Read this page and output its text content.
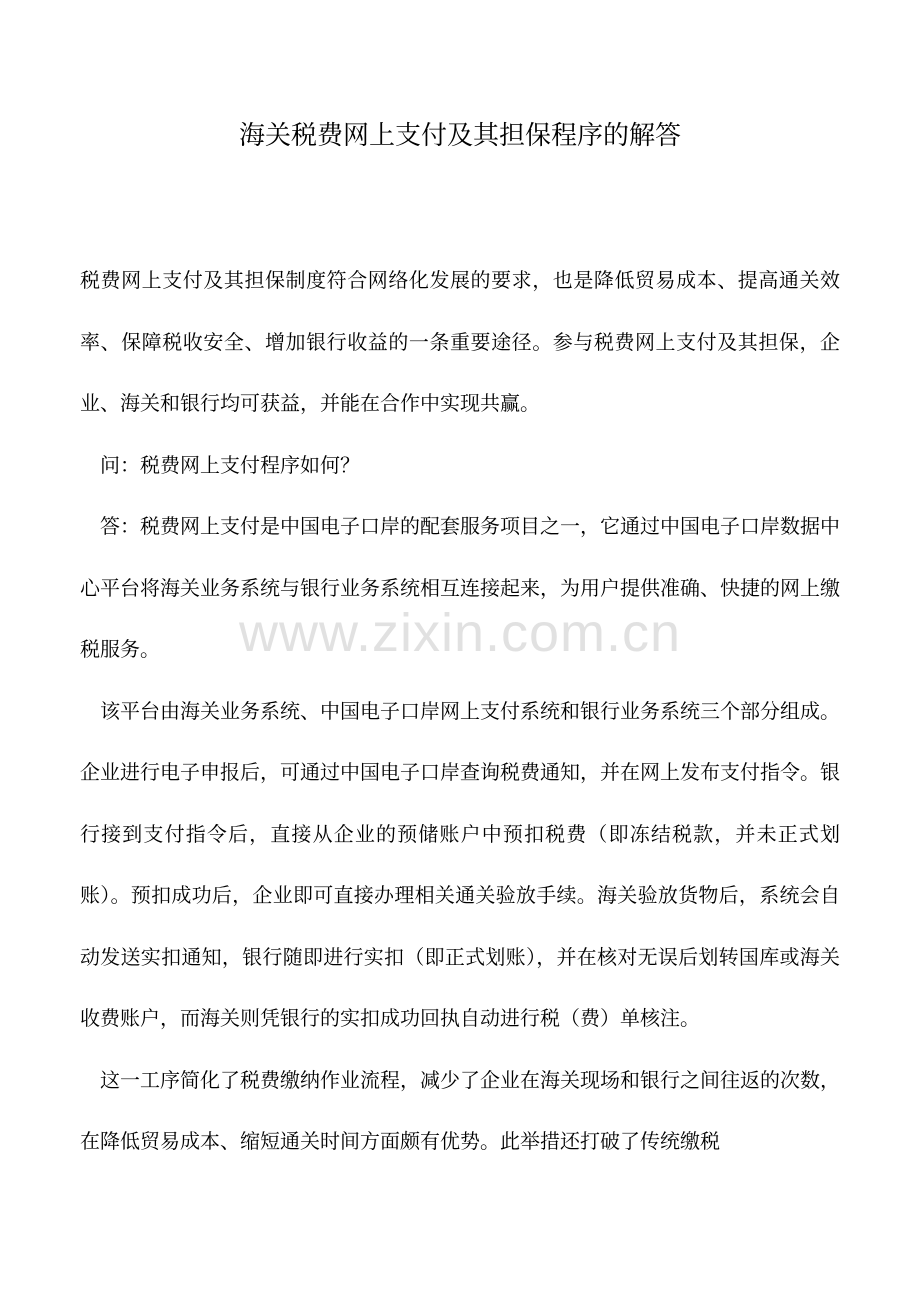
海关税费网上支付及其担保程序的解答

税费网上支付及其担保制度符合网络化发展的要求，也是降低贸易成本、提高通关效率、保障税收安全、增加银行收益的一条重要途径。参与税费网上支付及其担保，企业、海关和银行均可获益，并能在合作中实现共赢。

问：税费网上支付程序如何？

答：税费网上支付是中国电子口岸的配套服务项目之一，它通过中国电子口岸数据中心平台将海关业务系统与银行业务系统相互连接起来，为用户提供准确、快捷的网上缴税服务。

该平台由海关业务系统、中国电子口岸网上支付系统和银行业务系统三个部分组成。企业进行电子申报后，可通过中国电子口岸查询税费通知，并在网上发布支付指令。银行接到支付指令后，直接从企业的预储账户中预扣税费（即冻结税款，并未正式划账）。预扣成功后，企业即可直接办理相关通关验放手续。海关验放货物后，系统会自动发送实扣通知，银行随即进行实扣（即正式划账），并在核对无误后划转国库或海关收费账户，而海关则凭银行的实扣成功回执自动进行税（费）单核注。

这一工序简化了税费缴纳作业流程，减少了企业在海关现场和银行之间往返的次数，在降低贸易成本、缩短通关时间方面颇有优势。此举措还打破了传统缴税

www.zixin.com.cn
